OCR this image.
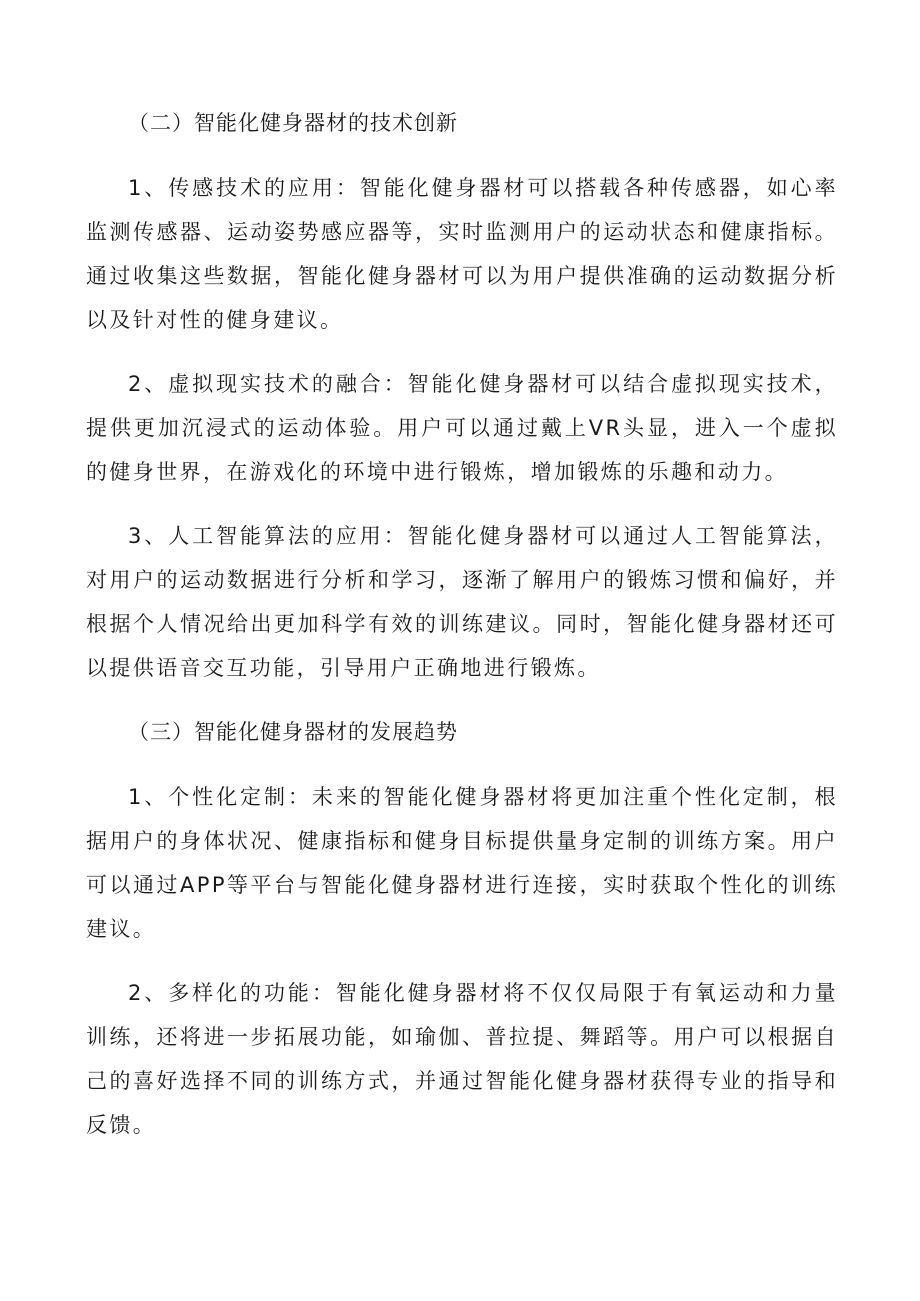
（二）智能化健身器材的技术创新

1、传感技术的应用：智能化健身器材可以搭载各种传感器，如心率监测传感器、运动姿势感应器等，实时监测用户的运动状态和健康指标。通过收集这些数据，智能化健身器材可以为用户提供准确的运动数据分析以及针对性的健身建议。

2、虚拟现实技术的融合：智能化健身器材可以结合虚拟现实技术，提供更加沉浸式的运动体验。用户可以通过戴上VR头显，进入一个虚拟的健身世界，在游戏化的环境中进行锻炼，增加锻炼的乐趣和动力。

3、人工智能算法的应用：智能化健身器材可以通过人工智能算法，对用户的运动数据进行分析和学习，逐渐了解用户的锻炼习惯和偏好，并根据个人情况给出更加科学有效的训练建议。同时，智能化健身器材还可以提供语音交互功能，引导用户正确地进行锻炼。

（三）智能化健身器材的发展趋势

1、个性化定制：未来的智能化健身器材将更加注重个性化定制，根据用户的身体状况、健康指标和健身目标提供量身定制的训练方案。用户可以通过APP等平台与智能化健身器材进行连接，实时获取个性化的训练建议。

2、多样化的功能：智能化健身器材将不仅仅局限于有氧运动和力量训练，还将进一步拓展功能，如瑜伽、普拉提、舞蹈等。用户可以根据自己的喜好选择不同的训练方式，并通过智能化健身器材获得专业的指导和反馈。
